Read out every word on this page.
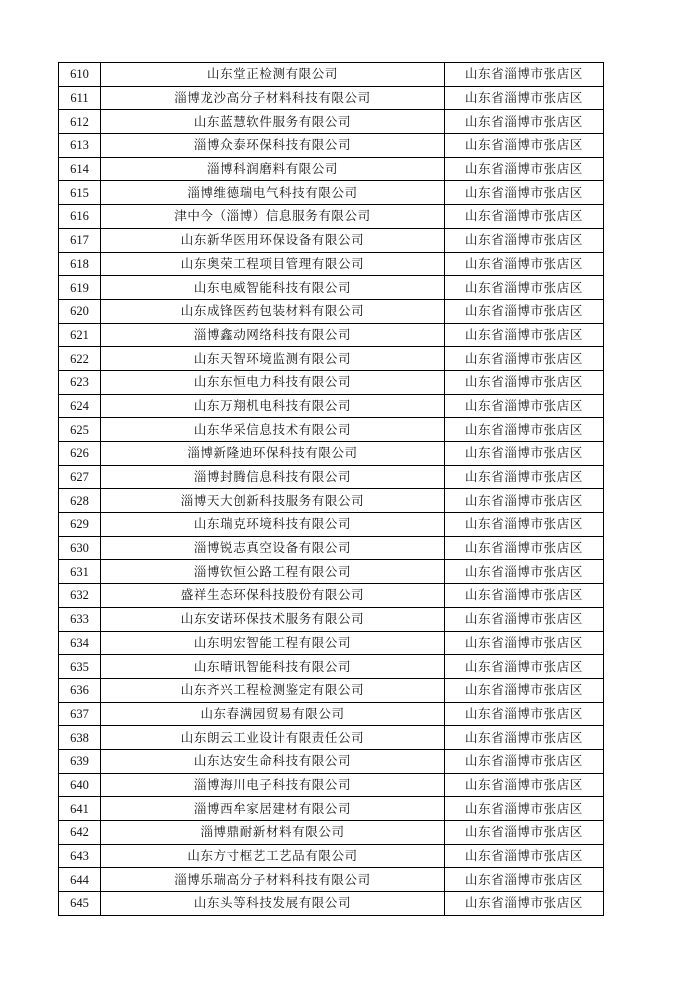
610	山东堂正检测有限公司	山东省淄博市张店区
611	淄博龙沙高分子材料科技有限公司	山东省淄博市张店区
612	山东蓝慧软件服务有限公司	山东省淄博市张店区
613	淄博众泰环保科技有限公司	山东省淄博市张店区
614	淄博科润磨料有限公司	山东省淄博市张店区
615	淄博维德瑞电气科技有限公司	山东省淄博市张店区
616	津中今（淄博）信息服务有限公司	山东省淄博市张店区
617	山东新华医用环保设备有限公司	山东省淄博市张店区
618	山东奥荣工程项目管理有限公司	山东省淄博市张店区
619	山东电威智能科技有限公司	山东省淄博市张店区
620	山东成锋医药包装材料有限公司	山东省淄博市张店区
621	淄博鑫动网络科技有限公司	山东省淄博市张店区
622	山东天智环境监测有限公司	山东省淄博市张店区
623	山东东恒电力科技有限公司	山东省淄博市张店区
624	山东万翔机电科技有限公司	山东省淄博市张店区
625	山东华采信息技术有限公司	山东省淄博市张店区
626	淄博新隆迪环保科技有限公司	山东省淄博市张店区
627	淄博封腾信息科技有限公司	山东省淄博市张店区
628	淄博天大创新科技服务有限公司	山东省淄博市张店区
629	山东瑞克环境科技有限公司	山东省淄博市张店区
630	淄博锐志真空设备有限公司	山东省淄博市张店区
631	淄博钦恒公路工程有限公司	山东省淄博市张店区
632	盛祥生态环保科技股份有限公司	山东省淄博市张店区
633	山东安诺环保技术服务有限公司	山东省淄博市张店区
634	山东明宏智能工程有限公司	山东省淄博市张店区
635	山东晴讯智能科技有限公司	山东省淄博市张店区
636	山东齐兴工程检测鉴定有限公司	山东省淄博市张店区
637	山东春满园贸易有限公司	山东省淄博市张店区
638	山东朗云工业设计有限责任公司	山东省淄博市张店区
639	山东达安生命科技有限公司	山东省淄博市张店区
640	淄博海川电子科技有限公司	山东省淄博市张店区
641	淄博西牟家居建材有限公司	山东省淄博市张店区
642	淄博鼎耐新材料有限公司	山东省淄博市张店区
643	山东方寸框艺工艺品有限公司	山东省淄博市张店区
644	淄博乐瑞高分子材料科技有限公司	山东省淄博市张店区
645	山东头等科技发展有限公司	山东省淄博市张店区
